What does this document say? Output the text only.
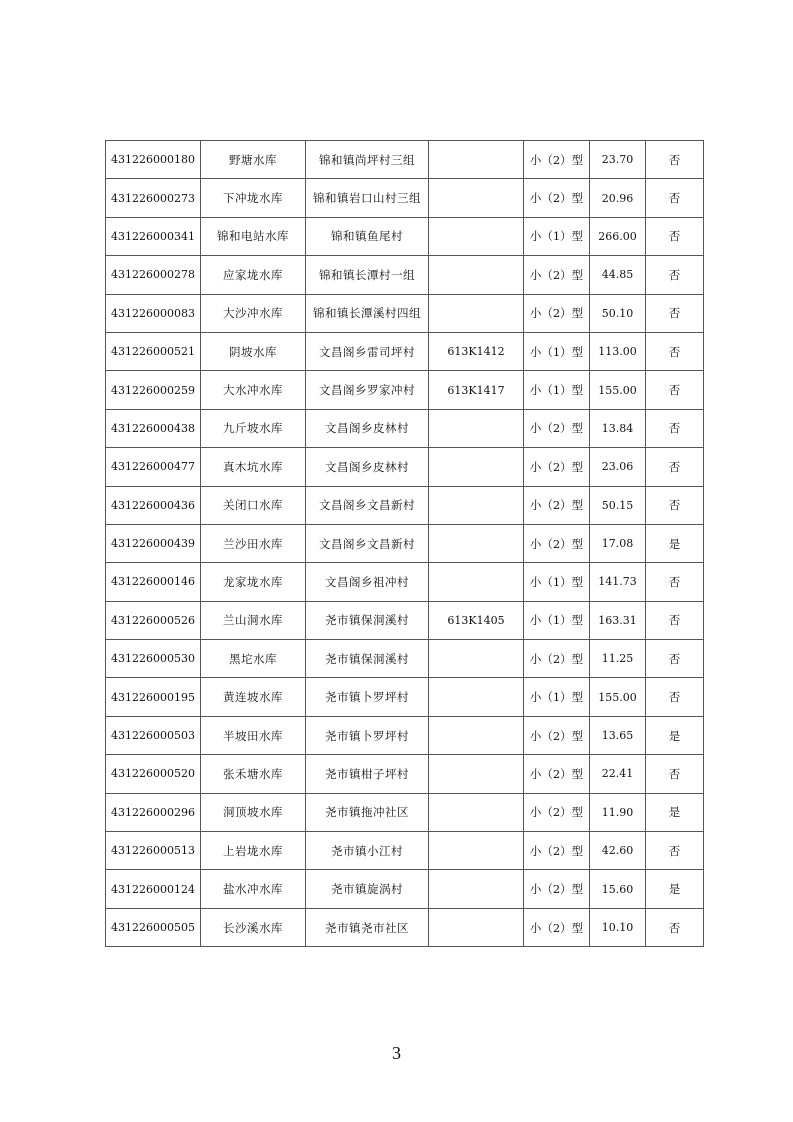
431226000180	野塘水库	锦和镇尚坪村三组		小（2）型	23.70	否
431226000273	下冲垅水库	锦和镇岩口山村三组		小（2）型	20.96	否
431226000341	锦和电站水库	锦和镇鱼尾村		小（1）型	266.00	否
431226000278	应家垅水库	锦和镇长潭村一组		小（2）型	44.85	否
431226000083	大沙冲水库	锦和镇长潭溪村四组		小（2）型	50.10	否
431226000521	阴坡水库	文昌阁乡雷司坪村	613K1412	小（1）型	113.00	否
431226000259	大水冲水库	文昌阁乡罗家冲村	613K1417	小（1）型	155.00	否
431226000438	九斤坡水库	文昌阁乡皮林村		小（2）型	13.84	否
431226000477	真木坑水库	文昌阁乡皮林村		小（2）型	23.06	否
431226000436	关闭口水库	文昌阁乡文昌新村		小（2）型	50.15	否
431226000439	兰沙田水库	文昌阁乡文昌新村		小（2）型	17.08	是
431226000146	龙家垅水库	文昌阁乡祖冲村		小（1）型	141.73	否
431226000526	兰山洞水库	尧市镇保洞溪村	613K1405	小（1）型	163.31	否
431226000530	黑坨水库	尧市镇保洞溪村		小（2）型	11.25	否
431226000195	黄连坡水库	尧市镇卜罗坪村		小（1）型	155.00	否
431226000503	半坡田水库	尧市镇卜罗坪村		小（2）型	13.65	是
431226000520	张禾塘水库	尧市镇柑子坪村		小（2）型	22.41	否
431226000296	洞顶坡水库	尧市镇拖冲社区		小（2）型	11.90	是
431226000513	上岩垅水库	尧市镇小江村		小（2）型	42.60	否
431226000124	盐水冲水库	尧市镇旋涡村		小（2）型	15.60	是
431226000505	长沙溪水库	尧市镇尧市社区		小（2）型	10.10	否
3
